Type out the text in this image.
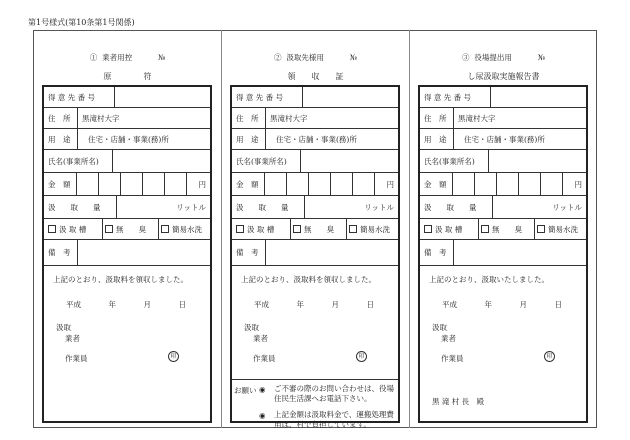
第1号様式(第10条第1号関係)
① 業者用控	№
原　　　　符
得 意 先 番 号
住　所 黒滝村大字
用　途 住宅・店舗・事業(務)所
氏名(事業所名)
金　額	円
汲　　取　　量	リットル
汲 取 槽	無　　臭	簡易水洗
備　考
上記のとおり、汲取料を領収しました。
平成	年	月	日
汲取
業者
作業員	印
② 汲取先様用	№
領　　収　　証
得 意 先 番 号
住　所 黒滝村大字
用　途 住宅・店舗・事業(務)所
氏名(事業所名)
金　額	円
汲　　取　　量	リットル
汲 取 槽	無　　臭	簡易水洗
備　考
上記のとおり、汲取料を領収しました。
平成	年	月	日
汲取
業者
作業員	印
お願い ◉ ご不審の際のお問い合わせは、役場住民生活課へお電話下さい。
◉ 上記金額は汲取料金で、運搬処理費用は、村で負担しています。
③ 役場提出用	№
し尿汲取実施報告書
得 意 先 番 号
住　所 黒滝村大字
用　途 住宅・店舗・事業(務)所
氏名(事業所名)
金　額	円
汲　　取　　量	リットル
汲 取 槽	無　　臭	簡易水洗
備　考
上記のとおり、汲取いたしました。
平成	年	月	日
汲取
業者
作業員	印
黒 滝 村 長　殿
